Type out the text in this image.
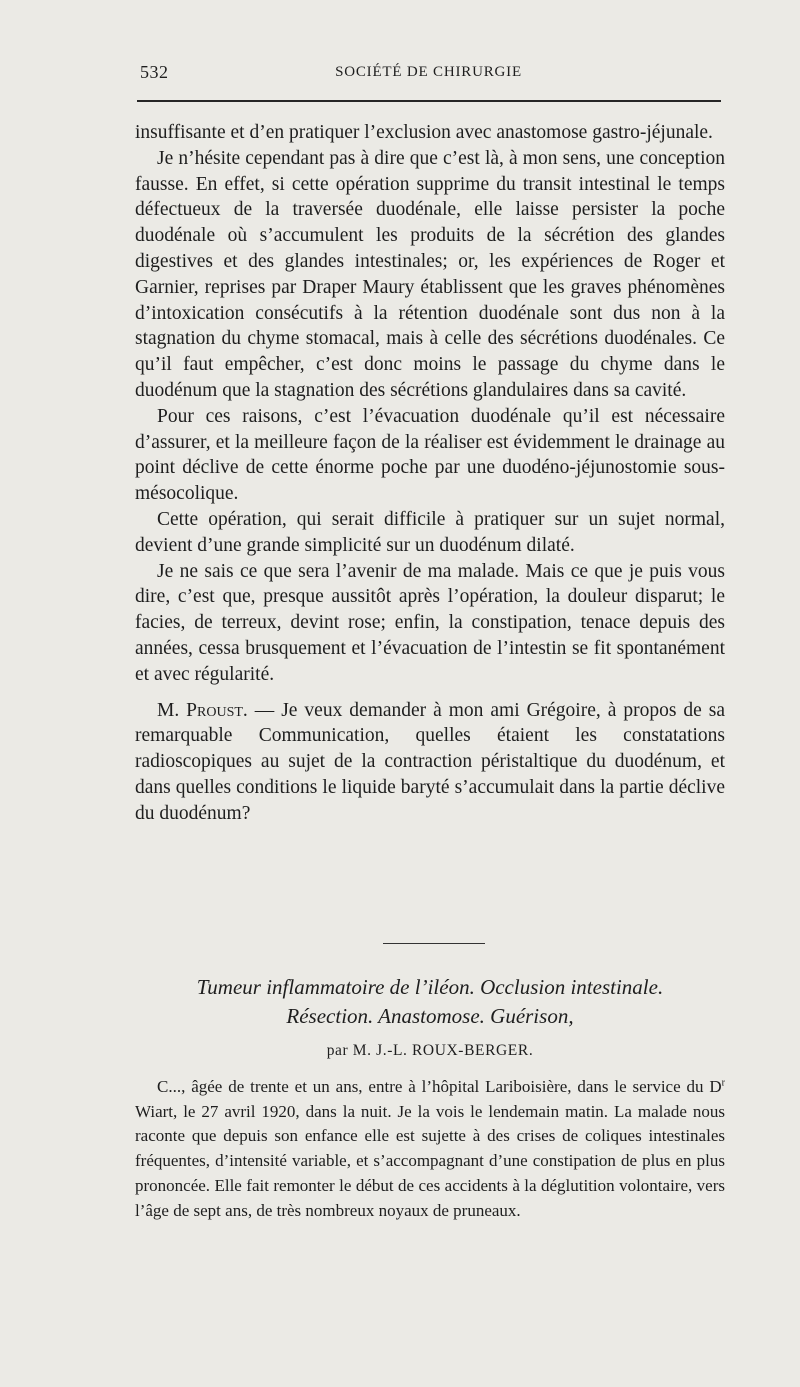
532	SOCIÉTÉ DE CHIRURGIE

insuffisante et d’en pratiquer l’exclusion avec anastomose gastro-jéjunale.

Je n’hésite cependant pas à dire que c’est là, à mon sens, une conception fausse. En effet, si cette opération supprime du transit intestinal le temps défectueux de la traversée duodénale, elle laisse persister la poche duodénale où s’accumulent les produits de la sécrétion des glandes digestives et des glandes intestinales; or, les expériences de Roger et Garnier, reprises par Draper Maury établissent que les graves phénomènes d’intoxication consécutifs à la rétention duodénale sont dus non à la stagnation du chyme stomacal, mais à celle des sécrétions duodénales. Ce qu’il faut empêcher, c’est donc moins le passage du chyme dans le duodénum que la stagnation des sécrétions glandulaires dans sa cavité.

Pour ces raisons, c’est l’évacuation duodénale qu’il est nécessaire d’assurer, et la meilleure façon de la réaliser est évidemment le drainage au point déclive de cette énorme poche par une duodéno-jéjunostomie sous-mésocolique.

Cette opération, qui serait difficile à pratiquer sur un sujet normal, devient d’une grande simplicité sur un duodénum dilaté.

Je ne sais ce que sera l’avenir de ma malade. Mais ce que je puis vous dire, c’est que, presque aussitôt après l’opération, la douleur disparut; le facies, de terreux, devint rose; enfin, la constipation, tenace depuis des années, cessa brusquement et l’évacuation de l’intestin se fit spontanément et avec régularité.

M. Proust. — Je veux demander à mon ami Grégoire, à propos de sa remarquable Communication, quelles étaient les constatations radioscopiques au sujet de la contraction péristaltique du duodénum, et dans quelles conditions le liquide baryté s’accumulait dans la partie déclive du duodénum?

Tumeur inflammatoire de l’iléon. Occlusion intestinale.
Résection. Anastomose. Guérison,

par M. J.-L. ROUX-BERGER.

C..., âgée de trente et un ans, entre à l’hôpital Lariboisière, dans le service du $D^r$ Wiart, le 27 avril 1920, dans la nuit. Je la vois le lendemain matin. La malade nous raconte que depuis son enfance elle est sujette à des crises de coliques intestinales fréquentes, d’intensité variable, et s’accompagnant d’une constipation de plus en plus prononcée. Elle fait remonter le début de ces accidents à la déglutition volontaire, vers l’âge de sept ans, de très nombreux noyaux de pruneaux.
